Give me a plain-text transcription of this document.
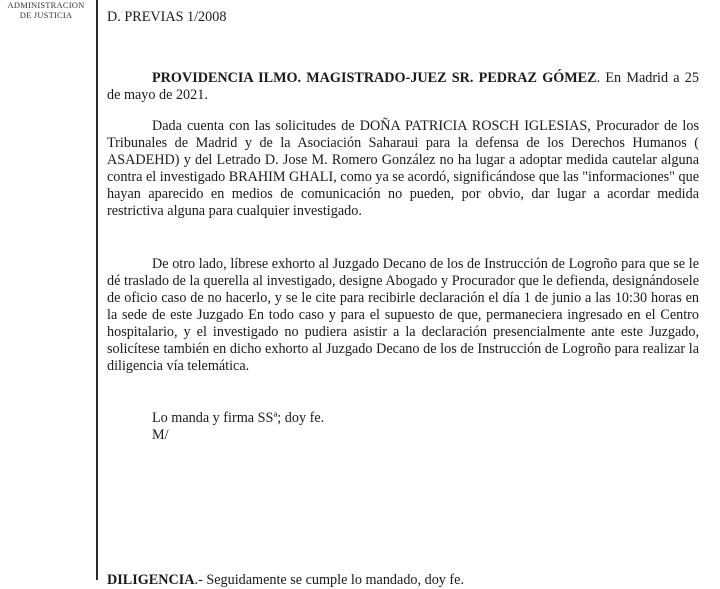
ADMINISTRACION
DE JUSTICIA	D. PREVIAS 1/2008
PROVIDENCIA ILMO. MAGISTRADO-JUEZ SR. PEDRAZ GÓMEZ. En Madrid a 25 de mayo de 2021.

Dada cuenta con las solicitudes de DOÑA PATRICIA ROSCH IGLESIAS, Procurador de los Tribunales de Madrid y de la Asociación Saharaui para la defensa de los Derechos Humanos ( ASADEHD) y del Letrado D. Jose M. Romero González no ha lugar a adoptar medida cautelar alguna contra el investigado BRAHIM GHALI, como ya se acordó, significándose que las "informaciones" que hayan aparecido en medios de comunicación no pueden, por obvio, dar lugar a acordar medida restrictiva alguna para cualquier investigado.

De otro lado, líbrese exhorto al Juzgado Decano de los de Instrucción de Logroño para que se le dé traslado de la querella al investigado, designe Abogado y Procurador que le defienda, designándosele de oficio caso de no hacerlo, y se le cite para recibirle declaración el día 1 de junio a las 10:30 horas en la sede de este Juzgado En todo caso y para el supuesto de que, permaneciera ingresado en el Centro hospitalario, y el investigado no pudiera asistir a la declaración presencialmente ante este Juzgado, solicítese también en dicho exhorto al Juzgado Decano de los de Instrucción de Logroño para realizar la diligencia vía telemática.

Lo manda y firma SSª; doy fe.
M/
DILIGENCIA.- Seguidamente se cumple lo mandado, doy fe.
